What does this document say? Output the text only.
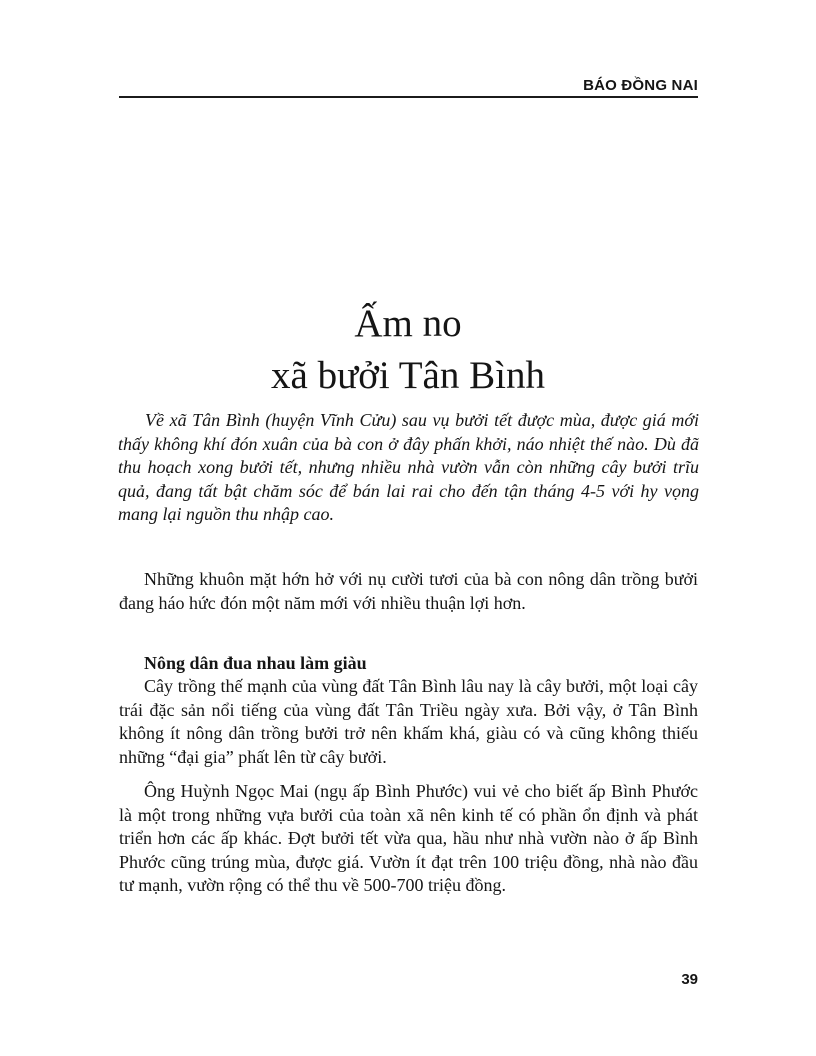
BÁO ĐỒNG NAI
Ấm no
xã bưởi Tân Bình
Về xã Tân Bình (huyện Vĩnh Cửu) sau vụ bưởi tết được mùa, được giá mới thấy không khí đón xuân của bà con ở đây phấn khởi, náo nhiệt thế nào. Dù đã thu hoạch xong bưởi tết, nhưng nhiều nhà vườn vẫn còn những cây bưởi trĩu quả, đang tất bật chăm sóc để bán lai rai cho đến tận tháng 4-5 với hy vọng mang lại nguồn thu nhập cao.
Những khuôn mặt hớn hở với nụ cười tươi của bà con nông dân trồng bưởi đang háo hức đón một năm mới với nhiều thuận lợi hơn.
Nông dân đua nhau làm giàu
Cây trồng thế mạnh của vùng đất Tân Bình lâu nay là cây bưởi, một loại cây trái đặc sản nổi tiếng của vùng đất Tân Triều ngày xưa. Bởi vậy, ở Tân Bình không ít nông dân trồng bưởi trở nên khấm khá, giàu có và cũng không thiếu những “đại gia” phất lên từ cây bưởi.
Ông Huỳnh Ngọc Mai (ngụ ấp Bình Phước) vui vẻ cho biết ấp Bình Phước là một trong những vựa bưởi của toàn xã nên kinh tế có phần ổn định và phát triển hơn các ấp khác. Đợt bưởi tết vừa qua, hầu như nhà vườn nào ở ấp Bình Phước cũng trúng mùa, được giá. Vườn ít đạt trên 100 triệu đồng, nhà nào đầu tư mạnh, vườn rộng có thể thu về 500-700 triệu đồng.
39
